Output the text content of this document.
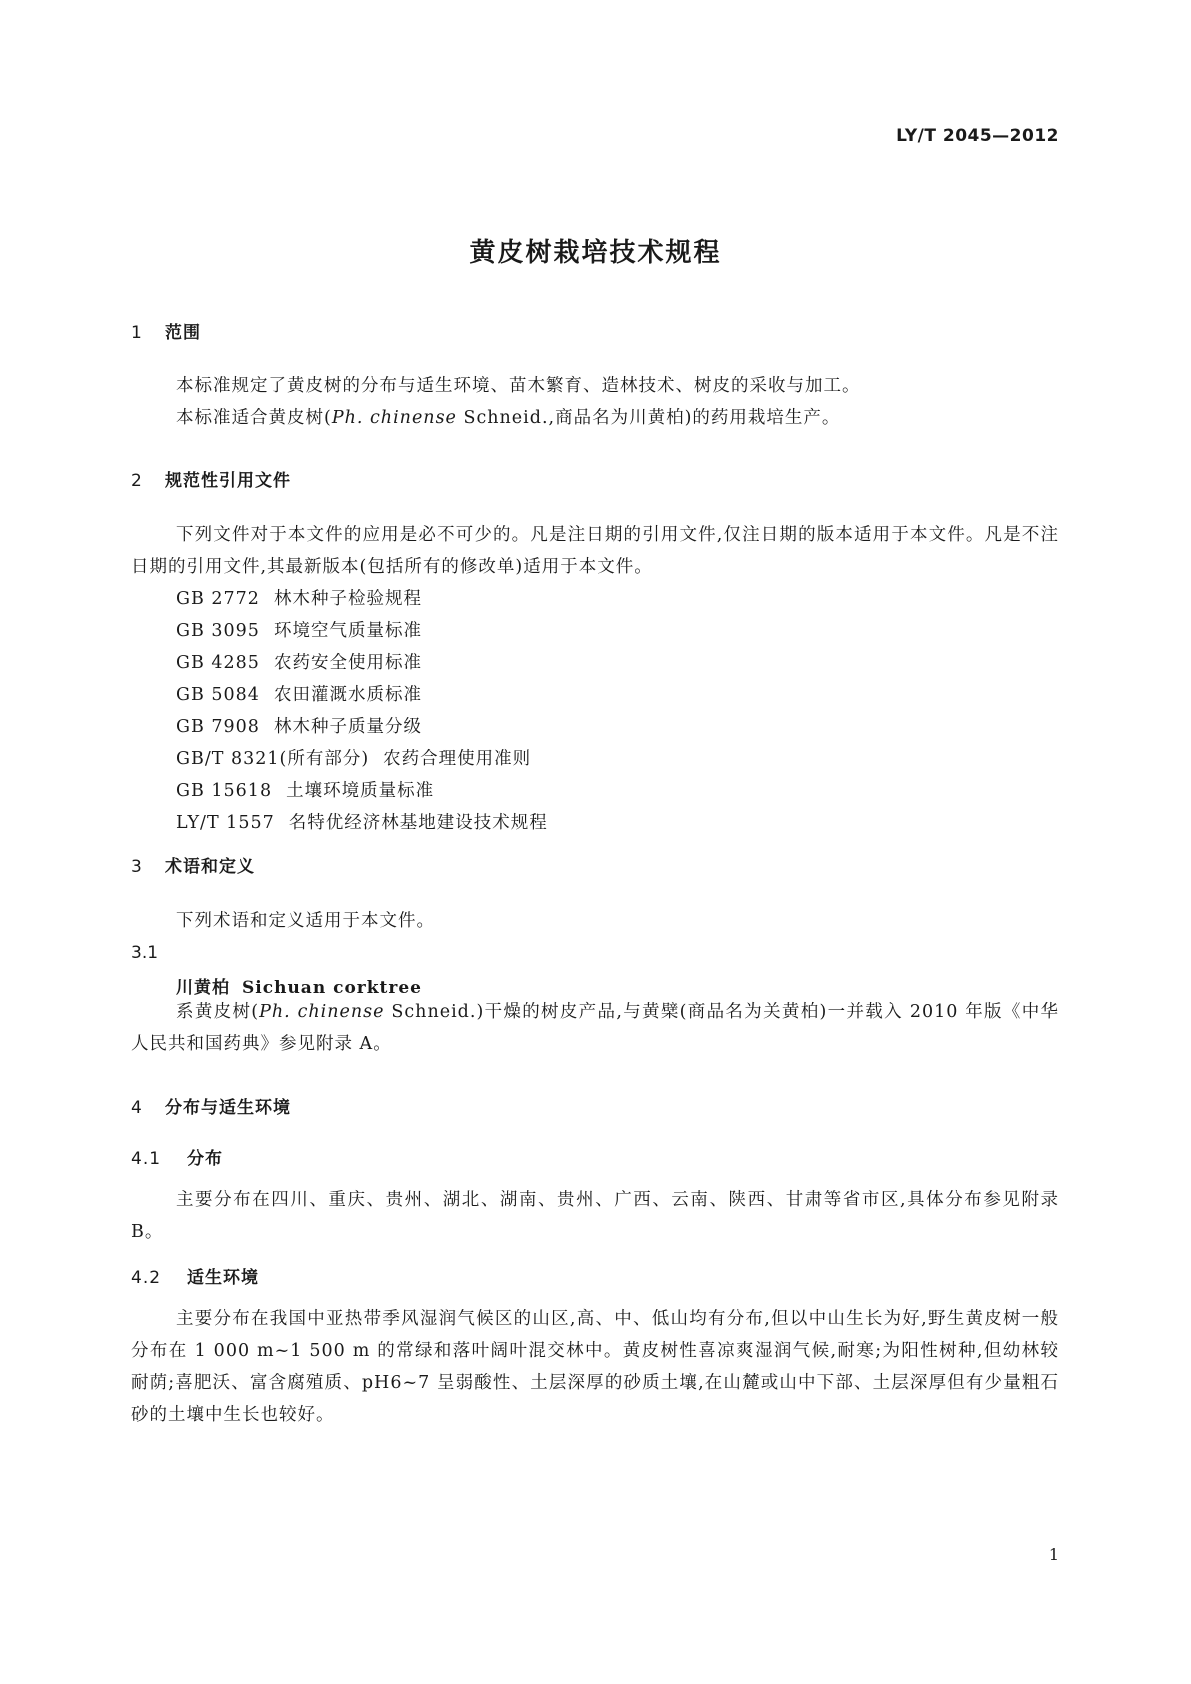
LY/T 2045—2012
黄皮树栽培技术规程
1 范围

本标准规定了黄皮树的分布与适生环境、苗木繁育、造林技术、树皮的采收与加工。

本标准适合黄皮树(Ph. chinense Schneid.,商品名为川黄柏)的药用栽培生产。

2 规范性引用文件

下列文件对于本文件的应用是必不可少的。凡是注日期的引用文件,仅注日期的版本适用于本文件。凡是不注日期的引用文件,其最新版本(包括所有的修改单)适用于本文件。

GB 2772 林木种子检验规程

GB 3095 环境空气质量标准

GB 4285 农药安全使用标准

GB 5084 农田灌溉水质标准

GB 7908 林木种子质量分级

GB/T 8321(所有部分) 农药合理使用准则

GB 15618 土壤环境质量标准

LY/T 1557 名特优经济林基地建设技术规程

3 术语和定义

下列术语和定义适用于本文件。

3.1
川黄柏 Sichuan corktree

系黄皮树(Ph. chinense Schneid.)干燥的树皮产品,与黄檗(商品名为关黄柏)一并载入 2010 年版《中华人民共和国药典》参见附录 A。

4 分布与适生环境
4.1 分布

主要分布在四川、重庆、贵州、湖北、湖南、贵州、广西、云南、陕西、甘肃等省市区,具体分布参见附录 B。

4.2 适生环境

主要分布在我国中亚热带季风湿润气候区的山区,高、中、低山均有分布,但以中山生长为好,野生黄皮树一般分布在 1 000 m~1 500 m 的常绿和落叶阔叶混交林中。黄皮树性喜凉爽湿润气候,耐寒;为阳性树种,但幼林较耐荫;喜肥沃、富含腐殖质、pH6~7 呈弱酸性、土层深厚的砂质土壤,在山麓或山中下部、土层深厚但有少量粗石砂的土壤中生长也较好。

1
